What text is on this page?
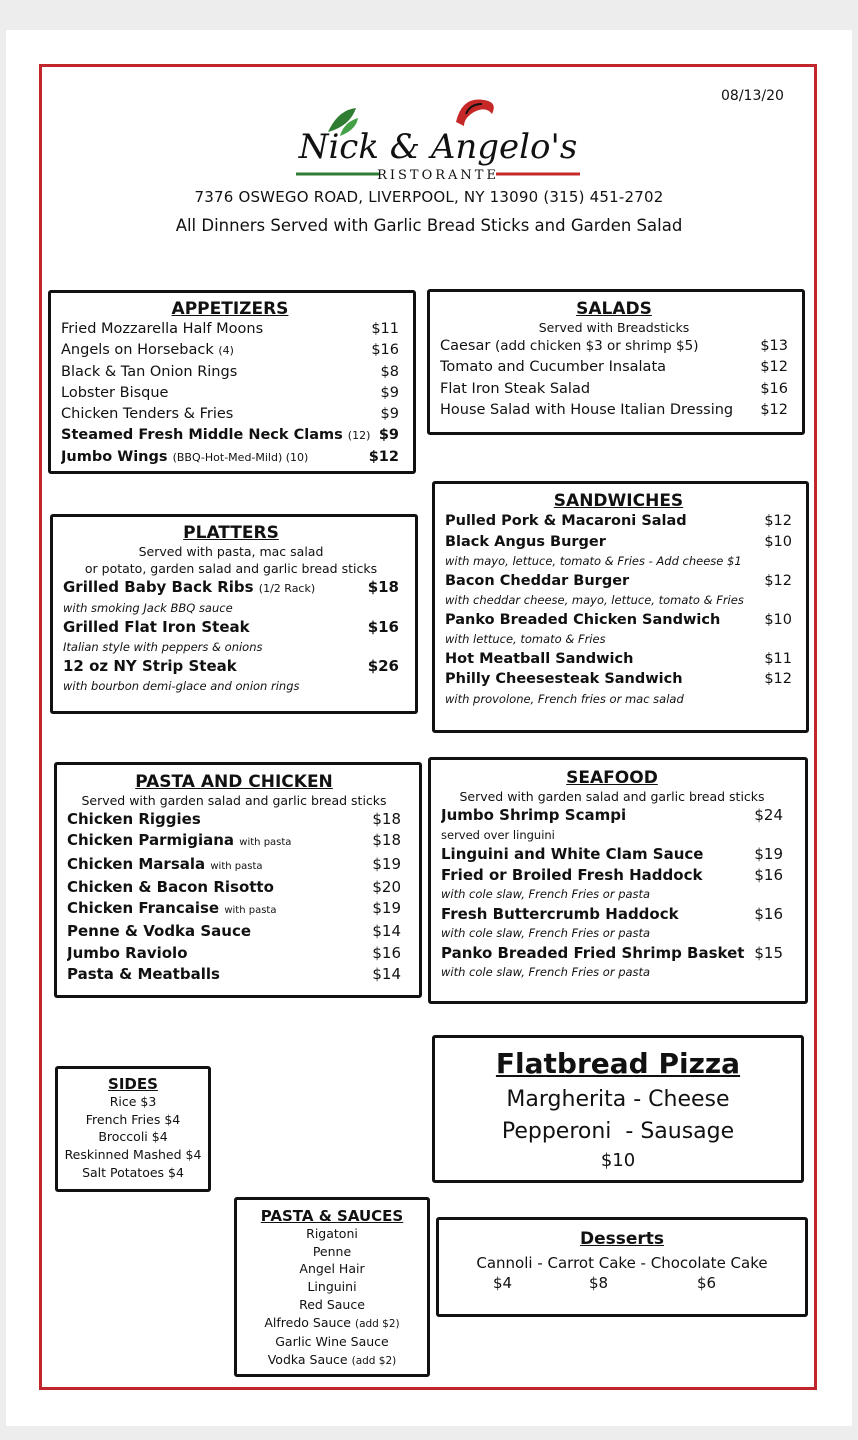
08/13/20
Nick & Angelo's
RISTORANTE
7376 OSWEGO ROAD, LIVERPOOL, NY 13090 (315) 451-2702
All Dinners Served with Garlic Bread Sticks and Garden Salad
APPETIZERS
Fried Mozzarella Half Moons	$11
Angels on Horseback (4)	$16
Black & Tan Onion Rings	$8
Lobster Bisque	$9
Chicken Tenders & Fries	$9
Steamed Fresh Middle Neck Clams (12) $9
Jumbo Wings (BBQ-Hot-Med-Mild) (10)	$12
SALADS
Served with Breadsticks
Caesar (add chicken $3 or shrimp $5)	$13
Tomato and Cucumber Insalata	$12
Flat Iron Steak Salad	$16
House Salad with House Italian Dressing	$12
SANDWICHES
Pulled Pork & Macaroni Salad	$12
Black Angus Burger	$10
with mayo, lettuce, tomato & Fries - Add cheese $1
Bacon Cheddar Burger	$12
with cheddar cheese, mayo, lettuce, tomato & Fries
Panko Breaded Chicken Sandwich	$10
with lettuce, tomato & Fries
Hot Meatball Sandwich	$11
Philly Cheesesteak Sandwich	$12
with provolone, French fries or mac salad
PLATTERS
Served with pasta, mac salad
or potato, garden salad and garlic bread sticks
Grilled Baby Back Ribs (1/2 Rack)	$18
with smoking Jack BBQ sauce
Grilled Flat Iron Steak	$16
Italian style with peppers & onions
12 oz NY Strip Steak	$26
with bourbon demi-glace and onion rings
PASTA AND CHICKEN
Served with garden salad and garlic bread sticks
Chicken Riggies	$18
Chicken Parmigiana with pasta	$18
Chicken Marsala with pasta	$19
Chicken & Bacon Risotto	$20
Chicken Francaise with pasta	$19
Penne & Vodka Sauce	$14
Jumbo Raviolo	$16
Pasta & Meatballs	$14
SEAFOOD
Served with garden salad and garlic bread sticks
Jumbo Shrimp Scampi	$24
served over linguini
Linguini and White Clam Sauce	$19
Fried or Broiled Fresh Haddock	$16
with cole slaw, French Fries or pasta
Fresh Buttercrumb Haddock	$16
with cole slaw, French Fries or pasta
Panko Breaded Fried Shrimp Basket $15
with cole slaw, French Fries or pasta
SIDES
Rice $3
French Fries $4
Broccoli $4
Reskinned Mashed $4
Salt Potatoes $4
Flatbread Pizza
Margherita - Cheese
Pepperoni  - Sausage
$10
PASTA & SAUCES
Rigatoni
Penne
Angel Hair
Linguini
Red Sauce
Alfredo Sauce (add $2)
Garlic Wine Sauce
Vodka Sauce (add $2)
Desserts
Cannoli - Carrot Cake - Chocolate Cake
$4	$8	$6
